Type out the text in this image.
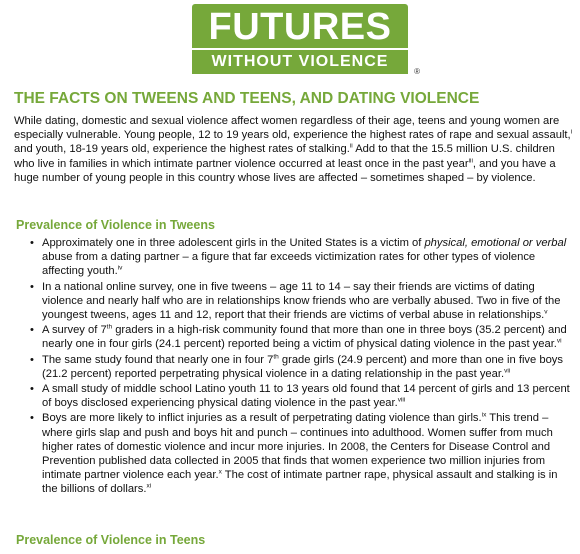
FUTURES
WITHOUT VIOLENCE
®
THE FACTS ON TWEENS AND TEENS, AND DATING VIOLENCE

While dating, domestic and sexual violence affect women regardless of their age, teens and young women are especially vulnerable. Young people, 12 to 19 years old, experience the highest rates of rape and sexual assault,$^i$ and youth, 18-19 years old, experience the highest rates of stalking.$^{ii}$ Add to that the 15.5 million U.S. children who live in families in which intimate partner violence occurred at least once in the past year$^{iii}$, and you have a huge number of young people in this country whose lives are affected – sometimes shaped – by violence.

Prevalence of Violence in Tweens
• Approximately one in three adolescent girls in the United States is a victim of physical, emotional or verbal abuse from a dating partner – a figure that far exceeds victimization rates for other types of violence affecting youth.$^{iv}$
• In a national online survey, one in five tweens – age 11 to 14 – say their friends are victims of dating violence and nearly half who are in relationships know friends who are verbally abused. Two in five of the youngest tweens, ages 11 and 12, report that their friends are victims of verbal abuse in relationships.$^v$
• A survey of 7th graders in a high-risk community found that more than one in three boys (35.2 percent) and nearly one in four girls (24.1 percent) reported being a victim of physical dating violence in the past year.$^{vi}$
• The same study found that nearly one in four 7th grade girls (24.9 percent) and more than one in five boys (21.2 percent) reported perpetrating physical violence in a dating relationship in the past year.$^{vii}$
• A small study of middle school Latino youth 11 to 13 years old found that 14 percent of girls and 13 percent of boys disclosed experiencing physical dating violence in the past year.$^{viii}$
• Boys are more likely to inflict injuries as a result of perpetrating dating violence than girls.$^{ix}$ This trend – where girls slap and push and boys hit and punch – continues into adulthood. Women suffer from much higher rates of domestic violence and incur more injuries. In 2008, the Centers for Disease Control and Prevention published data collected in 2005 that finds that women experience two million injuries from intimate partner violence each year.$^x$ The cost of intimate partner rape, physical assault and stalking is in the billions of dollars.$^{xi}$
Prevalence of Violence in Teens
